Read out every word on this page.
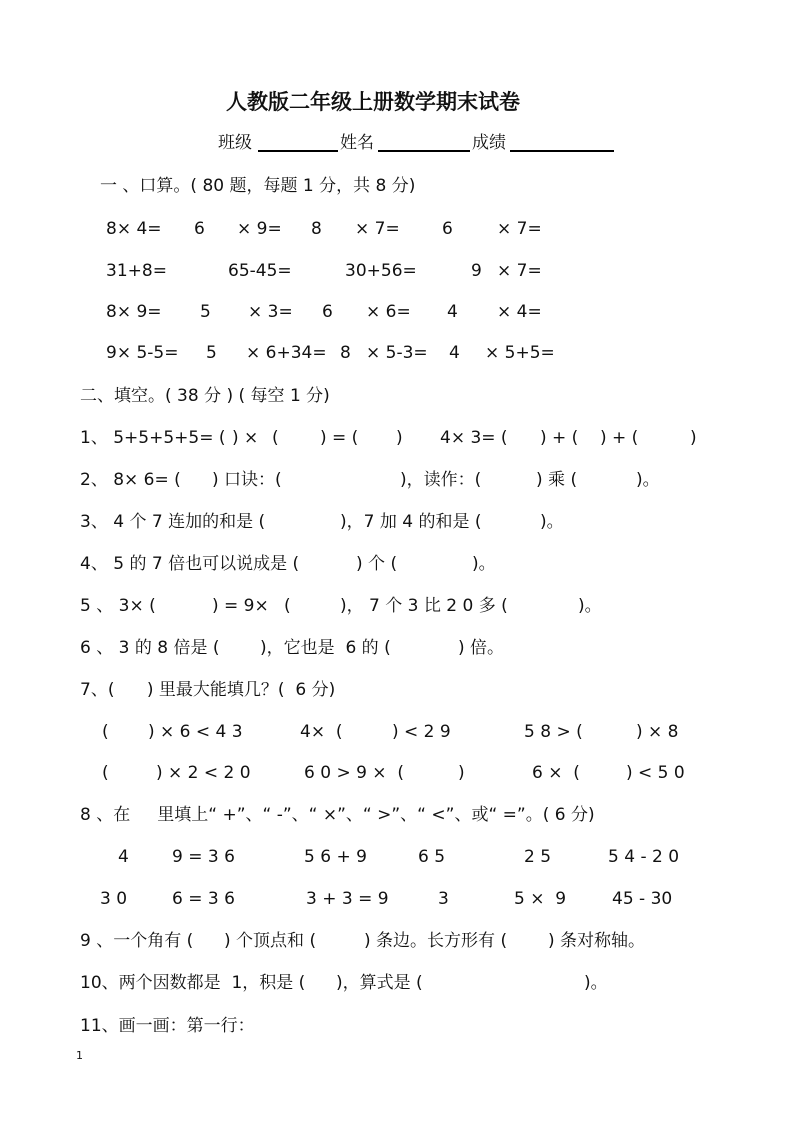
人教版二年级上册数学期末试卷
班级	姓名	成绩
一 、口算。( 80 题，每题 1 分，共 8 分)
8× 4= 6 × 9= 8 × 7= 6	× 7=
31+8=	65-45=	30+56=	9 × 7=
8× 9= 5 × 3= 6 × 6= 4 × 4=
9× 5-5= 5 × 6+34= 8 × 5-3= 4 × 5+5=
二、填空。( 38 分 ) ( 每空 1 分)
1、 5+5+5+5= ( ) × ( ) = ( ) 4× 3= ( ) + ( ) + (	)
2、 8× 6= ( ) 口诀：(	)，读作：(	) 乘 (	)。
3、 4 个 7 连加的和是 (	)，7 加 4 的和是 (	)。
4、 5 的 7 倍也可以说成是 (	) 个 (	)。
5 、 3× (	) = 9× (	)， 7 个 3 比 2 0 多 (	)。
6 、 3 的 8 倍是 ( )，它也是  6 的 (	) 倍。
7、(      ) 里最大能填几？(  6 分)
( ) × 6 < 4 3	4×  (	) < 2 9	5 8 > (	) × 8
(	) × 2 < 2 0	6 0 > 9 ×  (	)	6 ×  (	) < 5 0
8 、在     里填上“ +”、“ -”、“ ×”、“ >”、“ <”、或“ =”。( 6 分)
4	9 = 3 6	5 6 + 9	6 5	2 5	5 4 - 2 0
3 0	6 = 3 6	3 + 3 = 9	3	5 ×  9	45 - 30
9 、一个角有 ( ) 个顶点和 (	) 条边。长方形有 ( ) 条对称轴。
10、两个因数都是  1，积是 ( )，算式是 (	)。
11、画一画：第一行：
1
